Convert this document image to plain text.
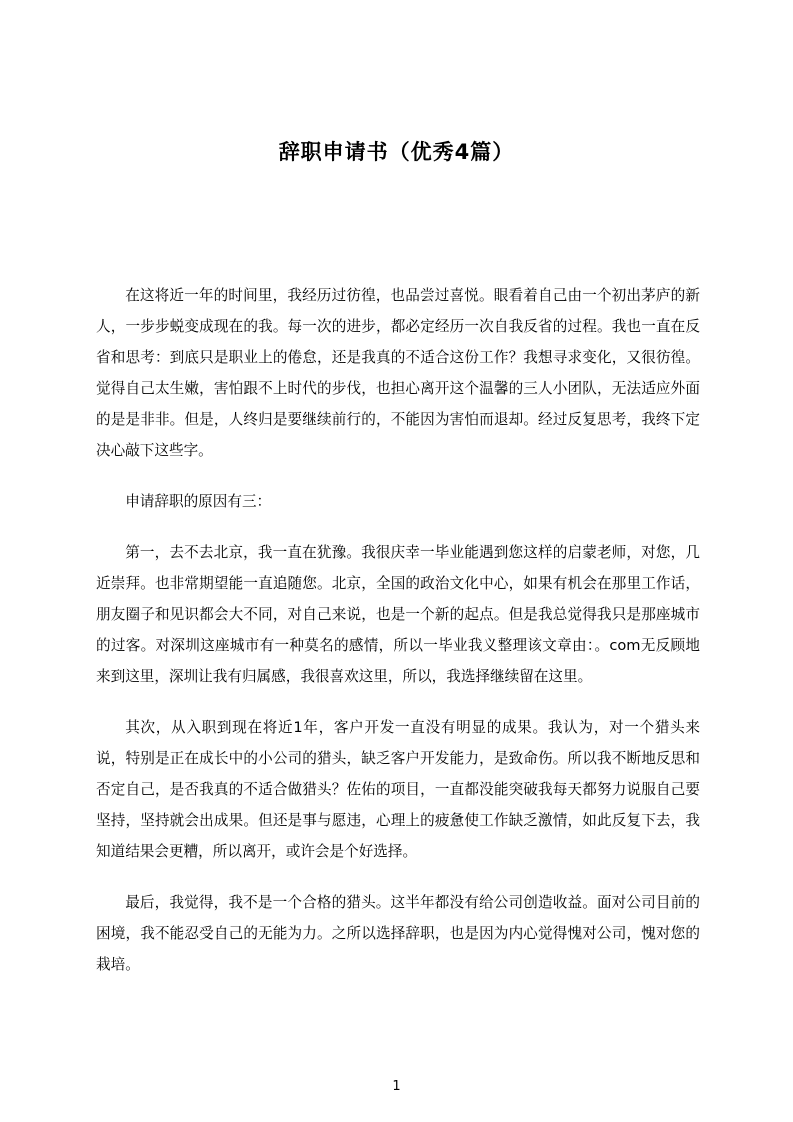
辞职申请书（优秀4篇）

在这将近一年的时间里，我经历过彷徨，也品尝过喜悦。眼看着自己由一个初出茅庐的新人，一步步蜕变成现在的我。每一次的进步，都必定经历一次自我反省的过程。我也一直在反省和思考：到底只是职业上的倦怠，还是我真的不适合这份工作？我想寻求变化，又很彷徨。觉得自己太生嫩，害怕跟不上时代的步伐，也担心离开这个温馨的三人小团队，无法适应外面的是是非非。但是，人终归是要继续前行的，不能因为害怕而退却。经过反复思考，我终下定决心敲下这些字。

申请辞职的原因有三：

第一，去不去北京，我一直在犹豫。我很庆幸一毕业能遇到您这样的启蒙老师，对您，几近崇拜。也非常期望能一直追随您。北京，全国的政治文化中心，如果有机会在那里工作话，朋友圈子和见识都会大不同，对自己来说，也是一个新的起点。但是我总觉得我只是那座城市的过客。对深圳这座城市有一种莫名的感情，所以一毕业我义整理该文章由：。com无反顾地来到这里，深圳让我有归属感，我很喜欢这里，所以，我选择继续留在这里。

其次，从入职到现在将近1年，客户开发一直没有明显的成果。我认为，对一个猎头来说，特别是正在成长中的小公司的猎头，缺乏客户开发能力，是致命伤。所以我不断地反思和否定自己，是否我真的不适合做猎头？佐佑的项目，一直都没能突破我每天都努力说服自己要坚持，坚持就会出成果。但还是事与愿违，心理上的疲惫使工作缺乏激情，如此反复下去，我知道结果会更糟，所以离开，或许会是个好选择。

最后，我觉得，我不是一个合格的猎头。这半年都没有给公司创造收益。面对公司目前的困境，我不能忍受自己的无能为力。之所以选择辞职，也是因为内心觉得愧对公司，愧对您的栽培。

1
